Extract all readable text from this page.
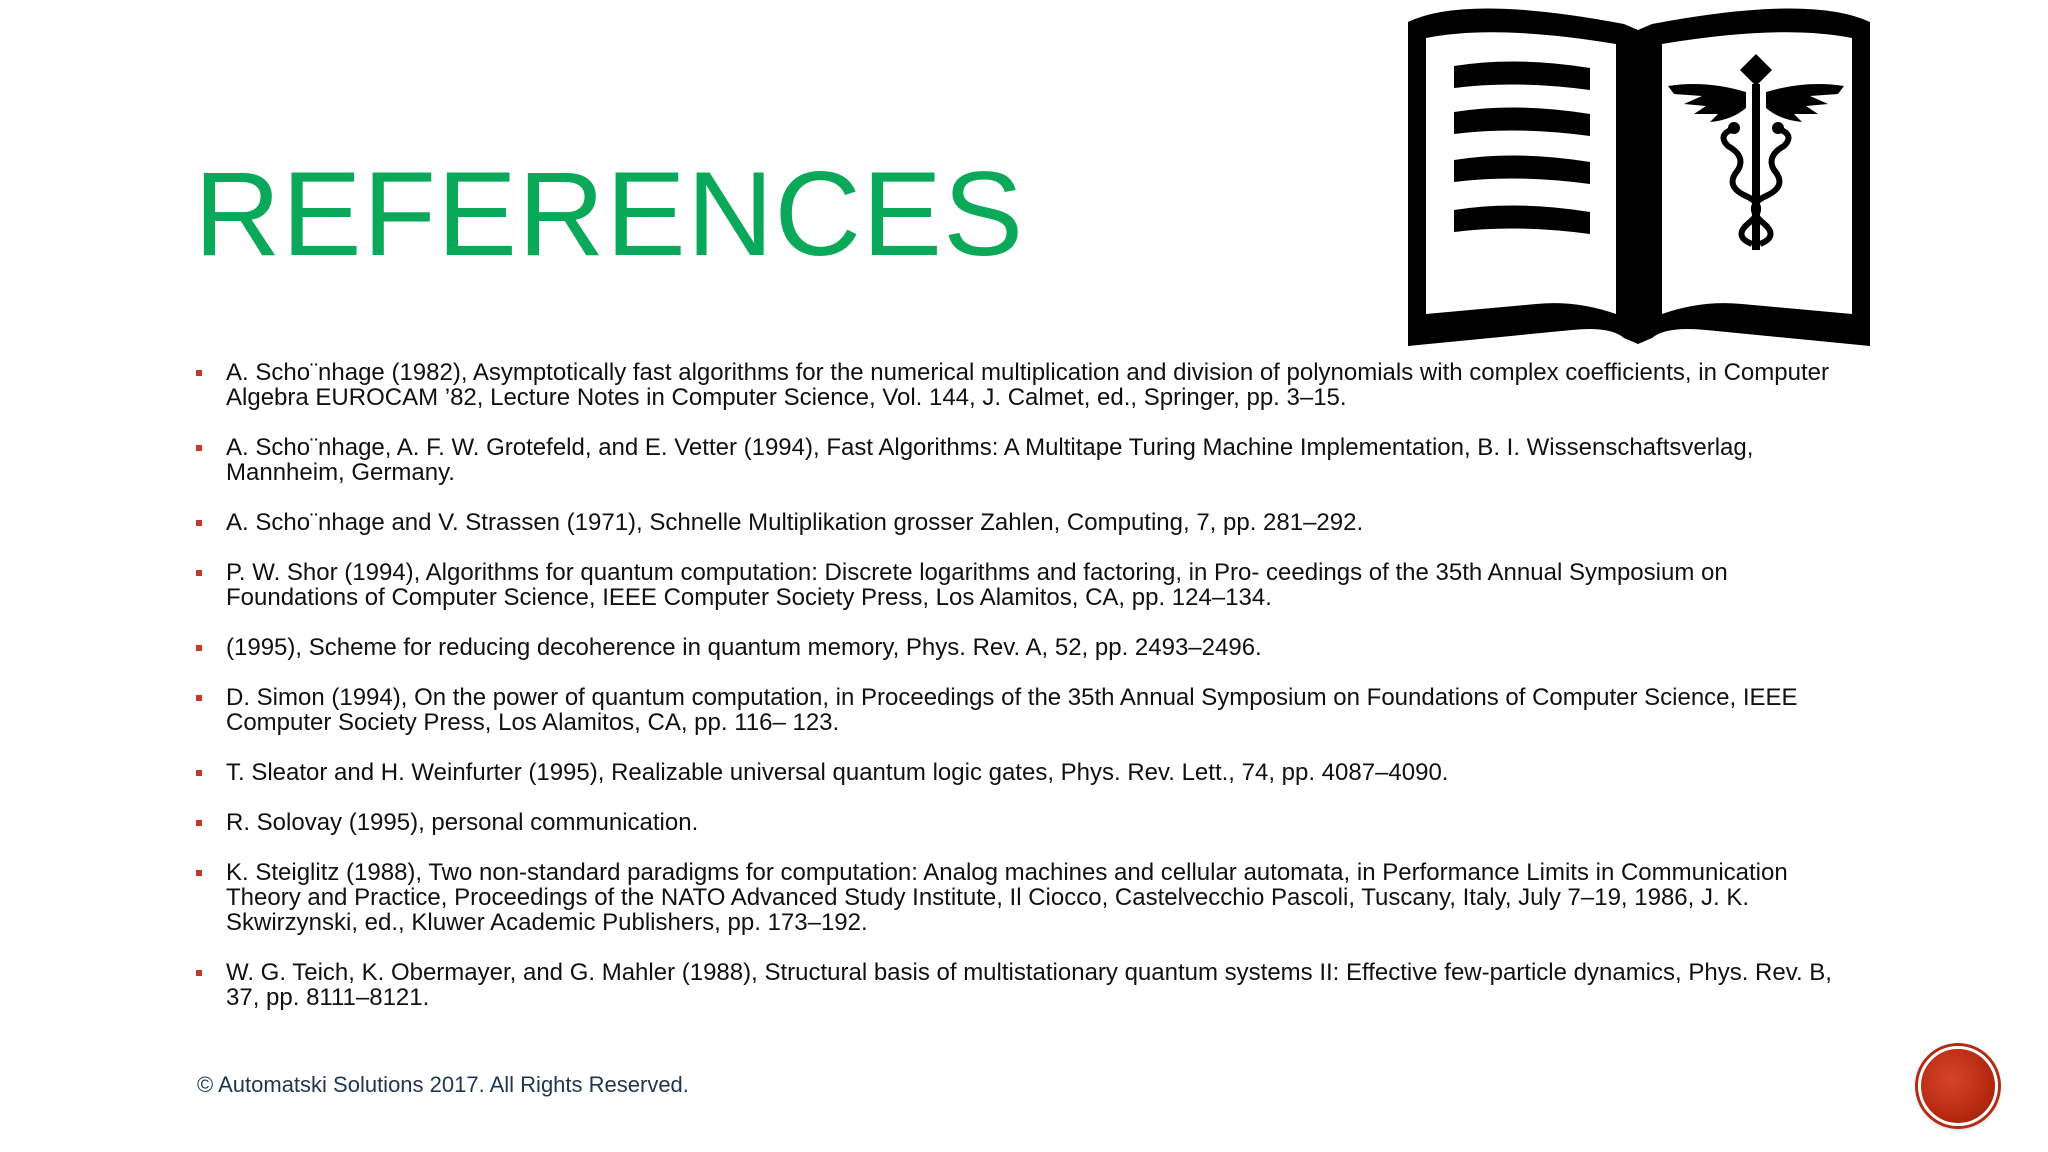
REFERENCES
A. Scho¨nhage (1982), Asymptotically fast algorithms for the numerical multiplication and division of polynomials with complex coefficients, in Computer Algebra EUROCAM ’82, Lecture Notes in Computer Science, Vol. 144, J. Calmet, ed., Springer, pp. 3–15.
A. Scho¨nhage, A. F. W. Grotefeld, and E. Vetter (1994), Fast Algorithms: A Multitape Turing Machine Implementation, B. I. Wissenschaftsverlag, Mannheim, Germany.
A. Scho¨nhage and V. Strassen (1971), Schnelle Multiplikation grosser Zahlen, Computing, 7, pp. 281–292.
P. W. Shor (1994), Algorithms for quantum computation: Discrete logarithms and factoring, in Pro- ceedings of the 35th Annual Symposium on Foundations of Computer Science, IEEE Computer Society Press, Los Alamitos, CA, pp. 124–134.
(1995), Scheme for reducing decoherence in quantum memory, Phys. Rev. A, 52, pp. 2493–2496.
D. Simon (1994), On the power of quantum computation, in Proceedings of the 35th Annual Symposium on Foundations of Computer Science, IEEE Computer Society Press, Los Alamitos, CA, pp. 116– 123.
T. Sleator and H. Weinfurter (1995), Realizable universal quantum logic gates, Phys. Rev. Lett., 74, pp. 4087–4090.
R. Solovay (1995), personal communication.
K. Steiglitz (1988), Two non-standard paradigms for computation: Analog machines and cellular automata, in Performance Limits in Communication Theory and Practice, Proceedings of the NATO Advanced Study Institute, Il Ciocco, Castelvecchio Pascoli, Tuscany, Italy, July 7–19, 1986, J. K. Skwirzynski, ed., Kluwer Academic Publishers, pp. 173–192.
W. G. Teich, K. Obermayer, and G. Mahler (1988), Structural basis of multistationary quantum systems II: Effective few-particle dynamics, Phys. Rev. B, 37, pp. 8111–8121.
© Automatski Solutions 2017. All Rights Reserved.
